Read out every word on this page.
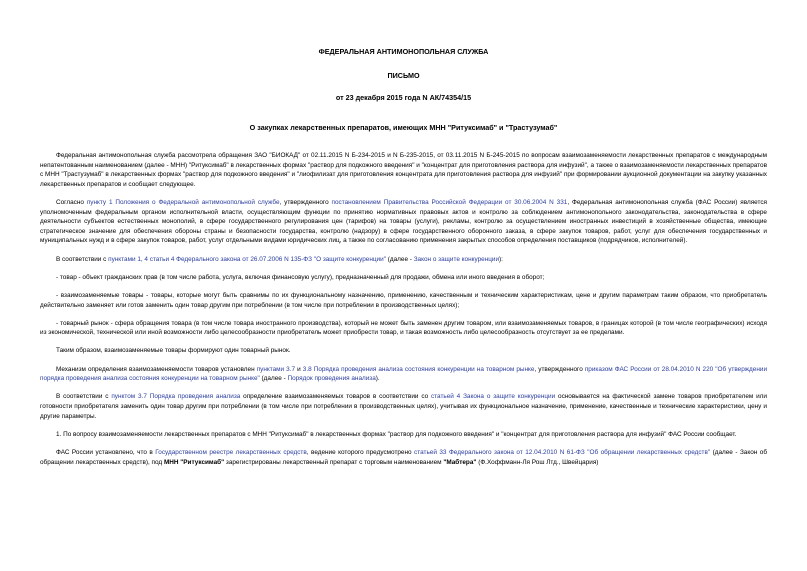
ФЕДЕРАЛЬНАЯ АНТИМОНОПОЛЬНАЯ СЛУЖБА
ПИСЬМО
от 23 декабря 2015 года N АК/74354/15
О закупках лекарственных препаратов, имеющих МНН "Ритуксимаб" и "Трастузумаб"

Федеральная антимонопольная служба рассмотрела обращения ЗАО "БИОКАД" от 02.11.2015 N Б-234-2015 и N Б-235-2015, от 03.11.2015 N Б-245-2015 по вопросам взаимозаменяемости лекарственных препаратов с международным непатентованным наименованием (далее - МНН) "Ритуксимаб" в лекарственных формах "раствор для подкожного введения" и "концентрат для приготовления раствора для инфузий", а также о взаимозаменяемости лекарственных препаратов с МНН "Трастузумаб" в лекарственных формах "раствор для подкожного введения" и "лиофилизат для приготовления концентрата для приготовления раствора для инфузий" при формировании аукционной документации на закупку указанных лекарственных препаратов и сообщает следующее.

Согласно пункту 1 Положения о Федеральной антимонопольной службе, утвержденного постановлением Правительства Российской Федерации от 30.06.2004 N 331, Федеральная антимонопольная служба (ФАС России) является уполномоченным федеральным органом исполнительной власти, осуществляющим функции по принятию нормативных правовых актов и контролю за соблюдением антимонопольного законодательства, законодательства в сфере деятельности субъектов естественных монополий, в сфере государственного регулирования цен (тарифов) на товары (услуги), рекламы, контролю за осуществлением иностранных инвестиций в хозяйственные общества, имеющие стратегическое значение для обеспечения обороны страны и безопасности государства, контролю (надзору) в сфере государственного оборонного заказа, в сфере закупок товаров, работ, услуг для обеспечения государственных и муниципальных нужд и в сфере закупок товаров, работ, услуг отдельными видами юридических лиц, а также по согласованию применения закрытых способов определения поставщиков (подрядчиков, исполнителей).

В соответствии с пунктами 1, 4 статьи 4 Федерального закона от 26.07.2006 N 135-ФЗ "О защите конкуренции" (далее - Закон о защите конкуренции):

- товар - объект гражданских прав (в том числе работа, услуга, включая финансовую услугу), предназначенный для продажи, обмена или иного введения в оборот;

- взаимозаменяемые товары - товары, которые могут быть сравнимы по их функциональному назначению, применению, качественным и техническим характеристикам, цене и другим параметрам таким образом, что приобретатель действительно заменяет или готов заменить один товар другим при потреблении (в том числе при потреблении в производственных целях);

- товарный рынок - сфера обращения товара (в том числе товара иностранного производства), который не может быть заменен другим товаром, или взаимозаменяемых товаров, в границах которой (в том числе географических) исходя из экономической, технической или иной возможности либо целесообразности приобретатель может приобрести товар, и такая возможность либо целесообразность отсутствует за ее пределами.

Таким образом, взаимозаменяемые товары формируют один товарный рынок.

Механизм определения взаимозаменяемости товаров установлен пунктами 3.7 и 3.8 Порядка проведения анализа состояния конкуренции на товарном рынке, утвержденного приказом ФАС России от 28.04.2010 N 220 "Об утверждении порядка проведения анализа состояния конкуренции на товарном рынке" (далее - Порядок проведения анализа).

В соответствии с пунктом 3.7 Порядка проведения анализа определение взаимозаменяемых товаров в соответствии со статьей 4 Закона о защите конкуренции основывается на фактической замене товаров приобретателем или готовности приобретателя заменить один товар другим при потреблении (в том числе при потреблении в производственных целях), учитывая их функциональное назначение, применение, качественные и технические характеристики, цену и другие параметры.

1. По вопросу взаимозаменяемости лекарственных препаратов с МНН "Ритуксимаб" в лекарственных формах "раствор для подкожного введения" и "концентрат для приготовления раствора для инфузий" ФАС России сообщает.

ФАС России установлено, что в Государственном реестре лекарственных средств, ведение которого предусмотрено статьей 33 Федерального закона от 12.04.2010 N 61-ФЗ "Об обращении лекарственных средств" (далее - Закон об обращении лекарственных средств), под МНН "Ритуксимаб" зарегистрированы лекарственный препарат с торговым наименованием "Мабтера" (Ф.Хоффманн-Ля Рош Лтд., Швейцария)
